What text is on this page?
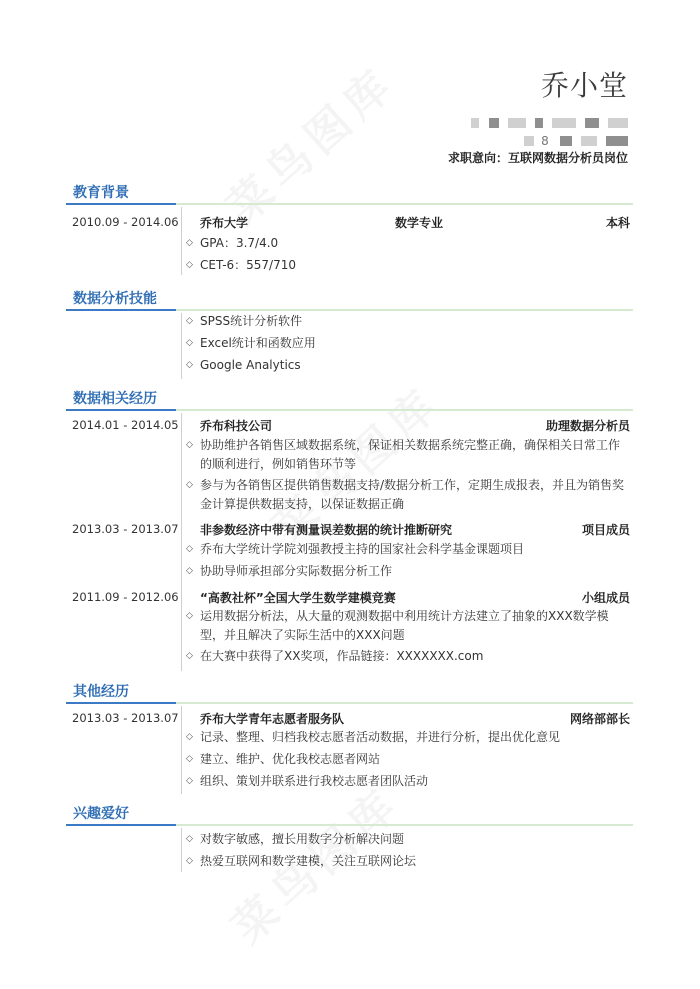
乔小堂

8
求职意向：互联网数据分析员岗位
教育背景
2010.09 - 2014.06 乔布大学	数学专业	本科
◇ GPA：3.7/4.0
◇ CET-6：557/710
数据分析技能
◇ SPSS统计分析软件
◇ Excel统计和函数应用
◇ Google Analytics
数据相关经历
2014.01 - 2014.05 乔布科技公司	助理数据分析员
◇ 协助维护各销售区域数据系统，保证相关数据系统完整正确，确保相关日常工作的顺利进行，例如销售环节等
◇ 参与为各销售区提供销售数据支持/数据分析工作，定期生成报表，并且为销售奖金计算提供数据支持，以保证数据正确
2013.03 - 2013.07 非参数经济中带有测量误差数据的统计推断研究	项目成员
◇ 乔布大学统计学院刘强教授主持的国家社会科学基金课题项目
◇ 协助导师承担部分实际数据分析工作
2011.09 - 2012.06 “高教社杯”全国大学生数学建模竞赛	小组成员
◇ 运用数据分析法，从大量的观测数据中利用统计方法建立了抽象的XXX数学模型，并且解决了实际生活中的XXX问题
◇ 在大赛中获得了XX奖项，作品链接：XXXXXXX.com
其他经历
2013.03 - 2013.07 乔布大学青年志愿者服务队	网络部部长
◇ 记录、整理、归档我校志愿者活动数据，并进行分析，提出优化意见
◇ 建立、维护、优化我校志愿者网站
◇ 组织、策划并联系进行我校志愿者团队活动
兴趣爱好
◇ 对数字敏感，擅长用数字分析解决问题
◇ 热爱互联网和数学建模，关注互联网论坛
